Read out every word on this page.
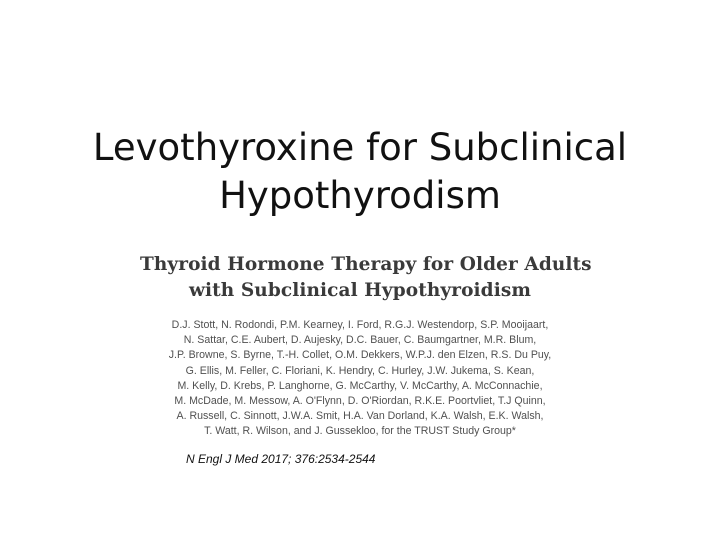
Levothyroxine for Subclinical
Hypothyrodism
Thyroid Hormone Therapy for Older Adults
with Subclinical Hypothyroidism
D.J. Stott, N. Rodondi, P.M. Kearney, I. Ford, R.G.J. Westendorp, S.P. Mooijaart,
N. Sattar, C.E. Aubert, D. Aujesky, D.C. Bauer, C. Baumgartner, M.R. Blum,
J.P. Browne, S. Byrne, T.-H. Collet, O.M. Dekkers, W.P.J. den Elzen, R.S. Du Puy,
G. Ellis, M. Feller, C. Floriani, K. Hendry, C. Hurley, J.W. Jukema, S. Kean,
M. Kelly, D. Krebs, P. Langhorne, G. McCarthy, V. McCarthy, A. McConnachie,
M. McDade, M. Messow, A. O'Flynn, D. O'Riordan, R.K.E. Poortvliet, T.J Quinn,
A. Russell, C. Sinnott, J.W.A. Smit, H.A. Van Dorland, K.A. Walsh, E.K. Walsh,
T. Watt, R. Wilson, and J. Gussekloo, for the TRUST Study Group*
N Engl J Med 2017; 376:2534-2544
